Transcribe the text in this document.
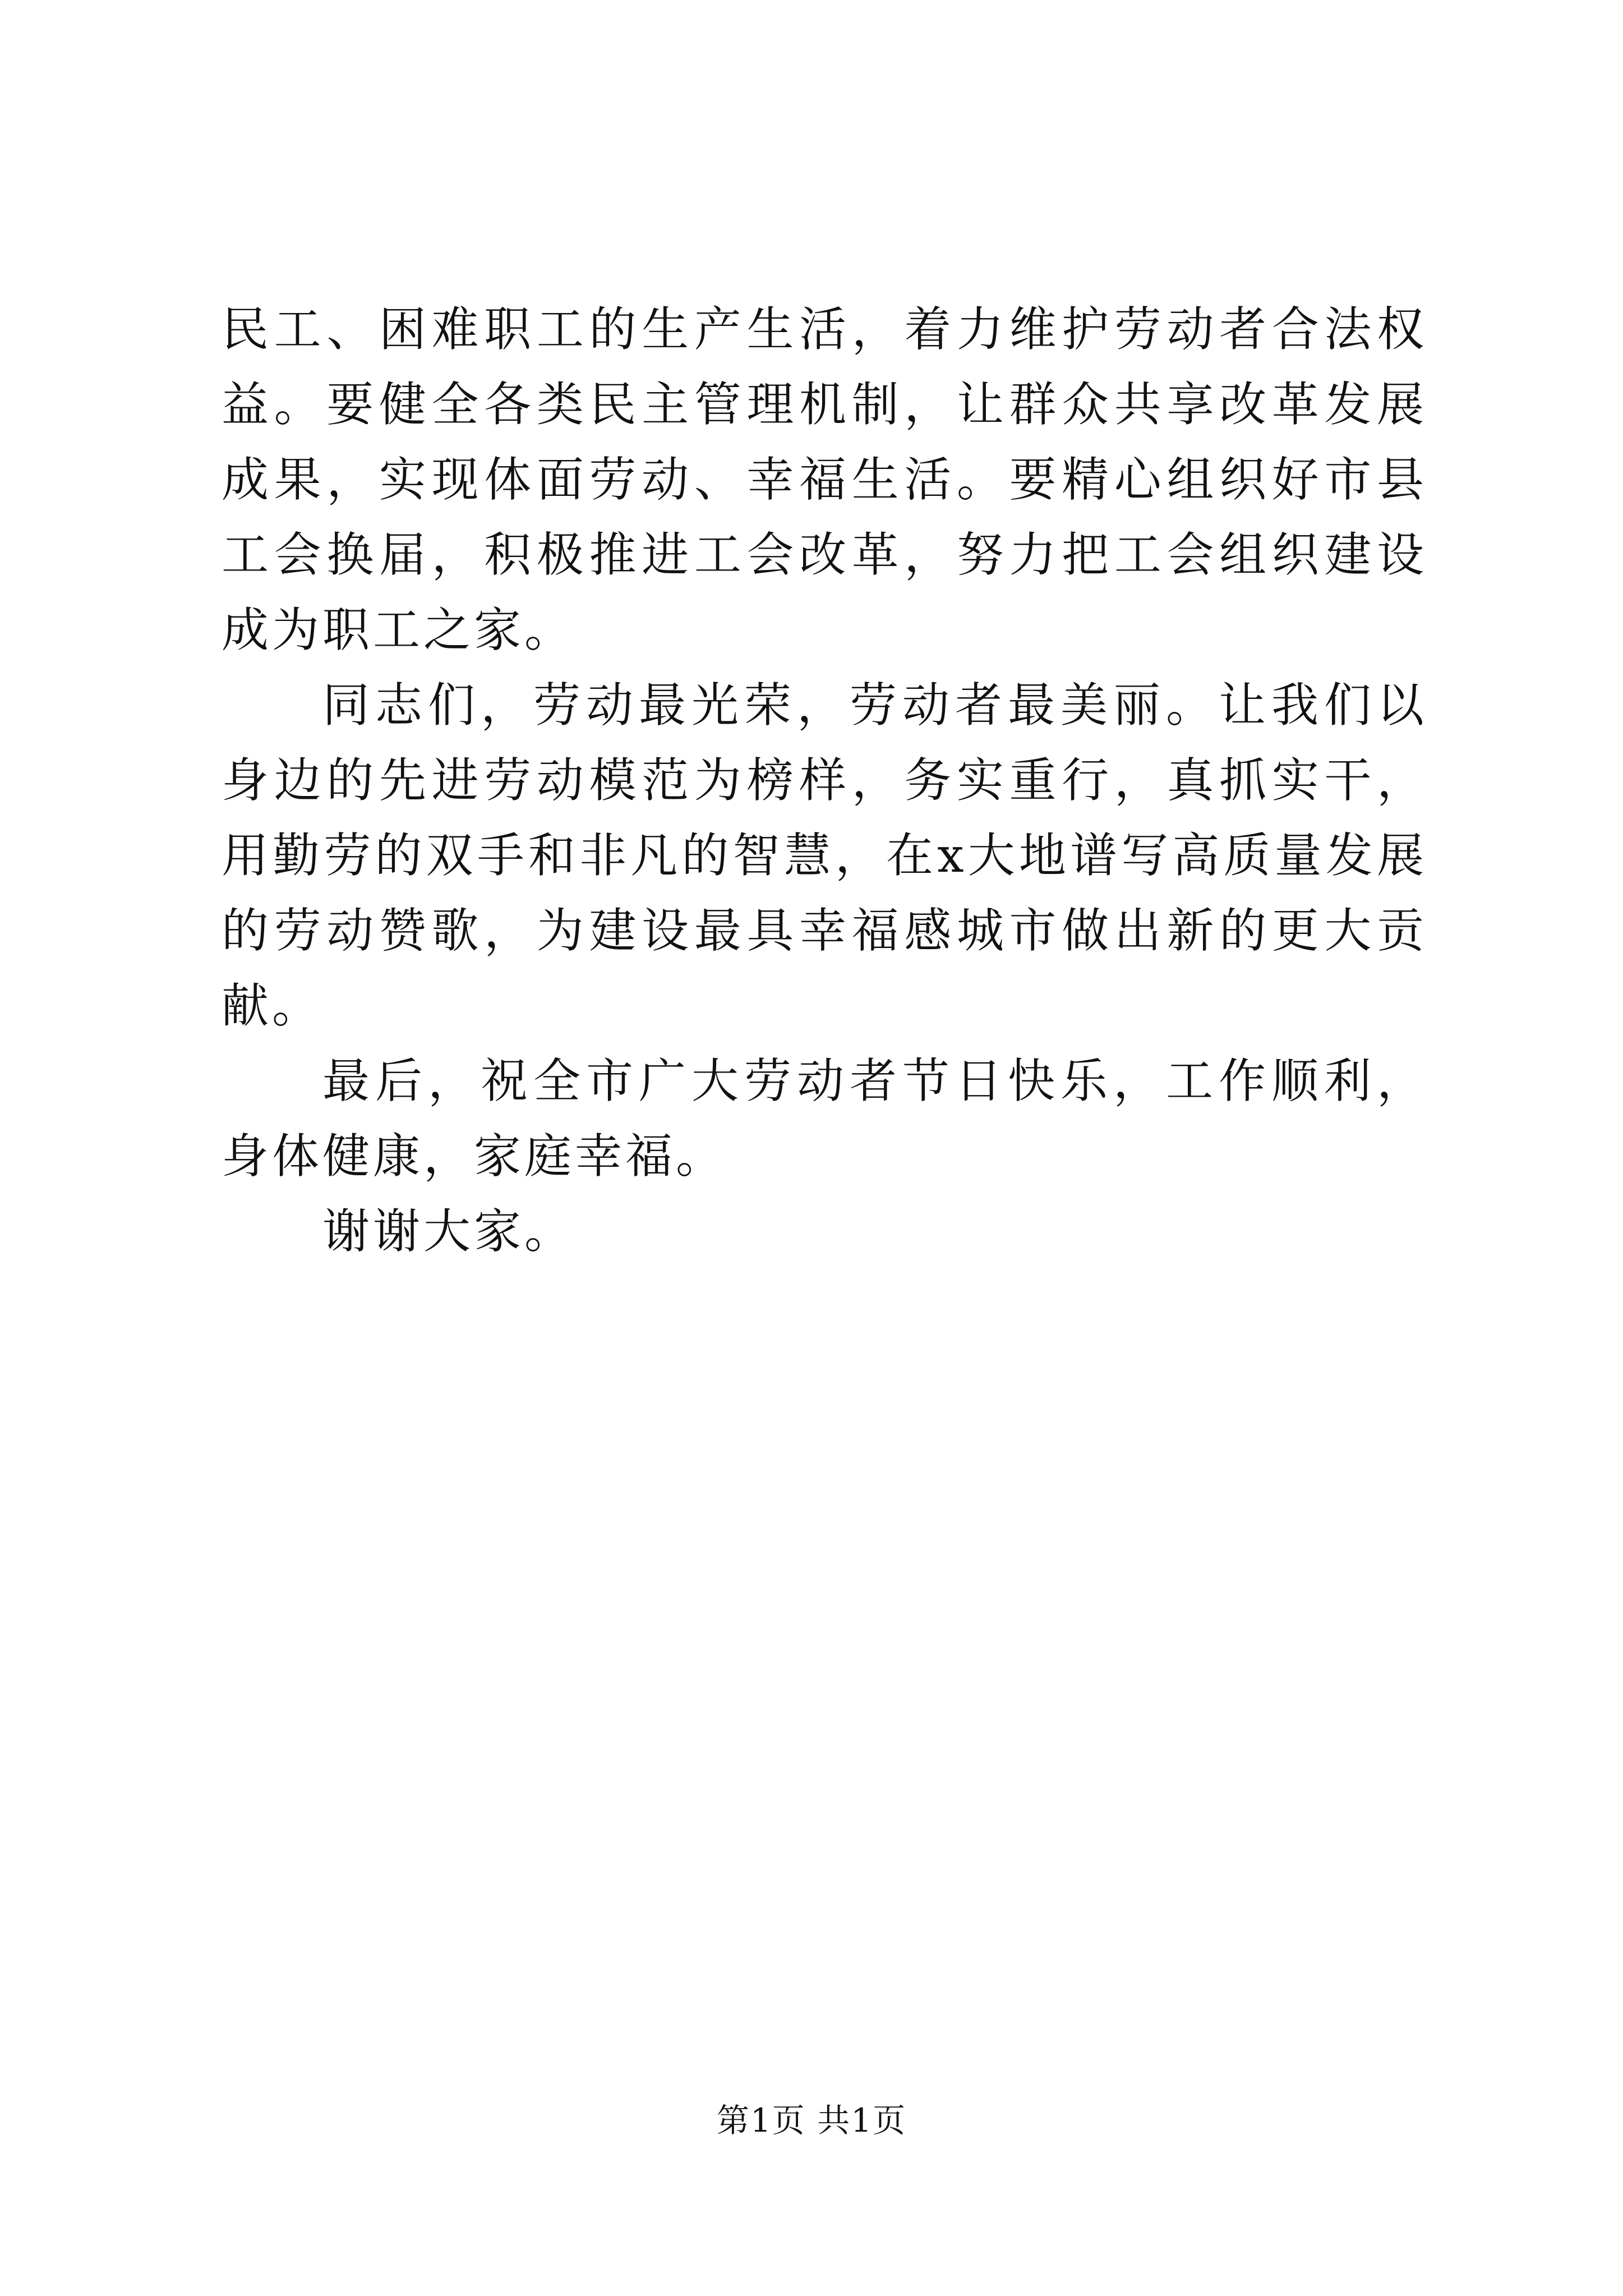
民工、困难职工的生产生活，着力维护劳动者合法权益。要健全各类民主管理机制，让群众共享改革发展成果，实现体面劳动、幸福生活。要精心组织好市县工会换届，积极推进工会改革，努力把工会组织建设成为职工之家。

同志们，劳动最光荣，劳动者最美丽。让我们以身边的先进劳动模范为榜样，务实重行，真抓实干，用勤劳的双手和非凡的智慧，在x大地谱写高质量发展的劳动赞歌，为建设最具幸福感城市做出新的更大贡献。

最后，祝全市广大劳动者节日快乐，工作顺利，身体健康，家庭幸福。

谢谢大家。

第1页 共1页
